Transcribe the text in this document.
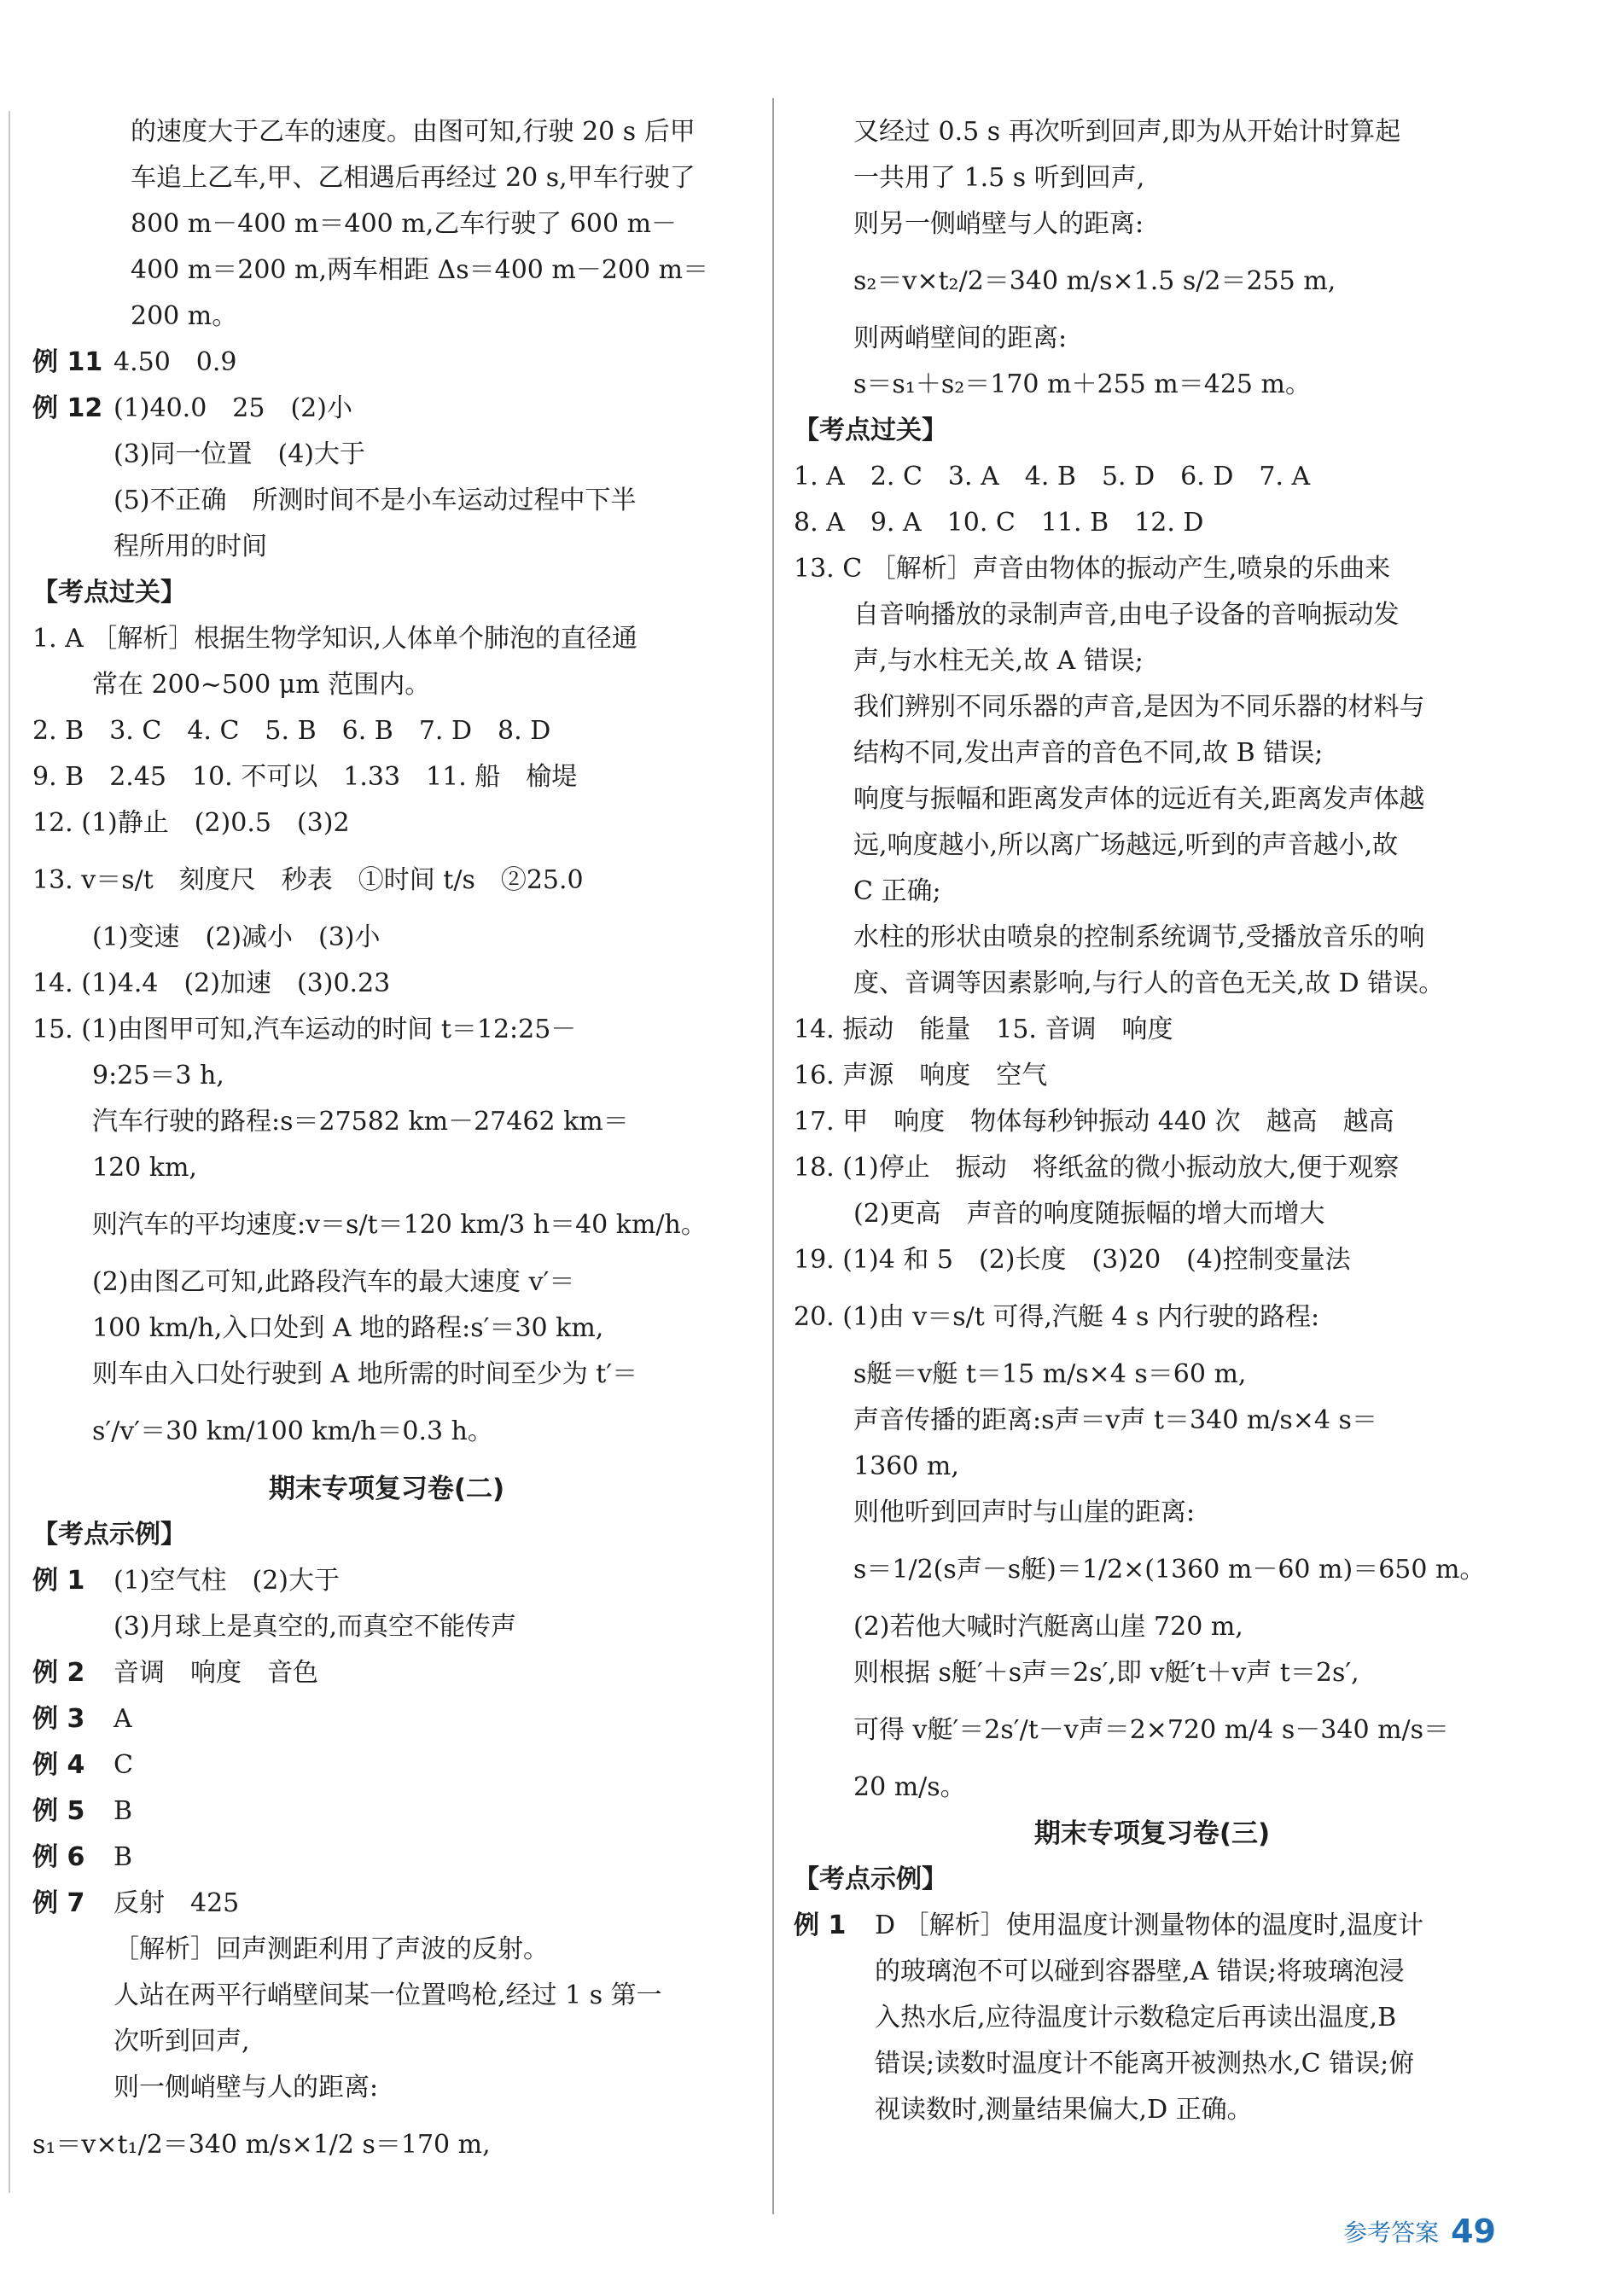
的速度大于乙车的速度。由图可知,行驶 20 s 后甲
车追上乙车,甲、乙相遇后再经过 20 s,甲车行驶了
800 m－400 m＝400 m,乙车行驶了 600 m－
400 m＝200 m,两车相距 Δs＝400 m－200 m＝
200 m。
例 11 4.50　0.9
例 12 (1)40.0　25　(2)小
(3)同一位置　(4)大于
(5)不正确　所测时间不是小车运动过程中下半
程所用的时间
【考点过关】
1. A ［解析］根据生物学知识,人体单个肺泡的直径通
常在 200~500 μm 范围内。
2. B　3. C　4. C　5. B　6. B　7. D　8. D
9. B　2.45　10. 不可以　1.33　11. 船　榆堤
12. (1)静止　(2)0.5　(3)2
13. v＝s/t　刻度尺　秒表　①时间 t/s　②25.0
(1)变速　(2)减小　(3)小
14. (1)4.4　(2)加速　(3)0.23
15. (1)由图甲可知,汽车运动的时间 t＝12:25－
9:25＝3 h,
汽车行驶的路程:s＝27582 km－27462 km＝
120 km,
则汽车的平均速度:v＝s/t＝120 km/3 h＝40 km/h。
(2)由图乙可知,此路段汽车的最大速度 v′＝
100 km/h,入口处到 A 地的路程:s′＝30 km,
则车由入口处行驶到 A 地所需的时间至少为 t′＝
s′/v′＝30 km/100 km/h＝0.3 h。
期末专项复习卷(二)
【考点示例】
例 1 (1)空气柱　(2)大于
(3)月球上是真空的,而真空不能传声
例 2 音调　响度　音色
例 3 A
例 4 C
例 5 B
例 6 B
例 7 反射　425
［解析］回声测距利用了声波的反射。
人站在两平行峭壁间某一位置鸣枪,经过 1 s 第一
次听到回声,
则一侧峭壁与人的距离:
s₁＝v×t₁/2＝340 m/s×1/2 s＝170 m,
又经过 0.5 s 再次听到回声,即为从开始计时算起
一共用了 1.5 s 听到回声,
则另一侧峭壁与人的距离:
s₂＝v×t₂/2＝340 m/s×1.5 s/2＝255 m,
则两峭壁间的距离:
s＝s₁＋s₂＝170 m＋255 m＝425 m。
【考点过关】
1. A　2. C　3. A　4. B　5. D　6. D　7. A
8. A　9. A　10. C　11. B　12. D
13. C ［解析］声音由物体的振动产生,喷泉的乐曲来
自音响播放的录制声音,由电子设备的音响振动发
声,与水柱无关,故 A 错误;
我们辨别不同乐器的声音,是因为不同乐器的材料与
结构不同,发出声音的音色不同,故 B 错误;
响度与振幅和距离发声体的远近有关,距离发声体越
远,响度越小,所以离广场越远,听到的声音越小,故
C 正确;
水柱的形状由喷泉的控制系统调节,受播放音乐的响
度、音调等因素影响,与行人的音色无关,故 D 错误。
14. 振动　能量　15. 音调　响度
16. 声源　响度　空气
17. 甲　响度　物体每秒钟振动 440 次　越高　越高
18. (1)停止　振动　将纸盆的微小振动放大,便于观察
(2)更高　声音的响度随振幅的增大而增大
19. (1)4 和 5　(2)长度　(3)20　(4)控制变量法
20. (1)由 v＝s/t 可得,汽艇 4 s 内行驶的路程:
s艇＝v艇 t＝15 m/s×4 s＝60 m,
声音传播的距离:s声＝v声 t＝340 m/s×4 s＝
1360 m,
则他听到回声时与山崖的距离:
s＝1/2(s声－s艇)＝1/2×(1360 m－60 m)＝650 m。
(2)若他大喊时汽艇离山崖 720 m,
则根据 s艇′＋s声＝2s′,即 v艇′t＋v声 t＝2s′,
可得 v艇′＝2s′/t－v声＝2×720 m/4 s－340 m/s＝
20 m/s。
期末专项复习卷(三)
【考点示例】
例 1 D ［解析］使用温度计测量物体的温度时,温度计
的玻璃泡不可以碰到容器壁,A 错误;将玻璃泡浸
入热水后,应待温度计示数稳定后再读出温度,B
错误;读数时温度计不能离开被测热水,C 错误;俯
视读数时,测量结果偏大,D 正确。
参考答案 49
